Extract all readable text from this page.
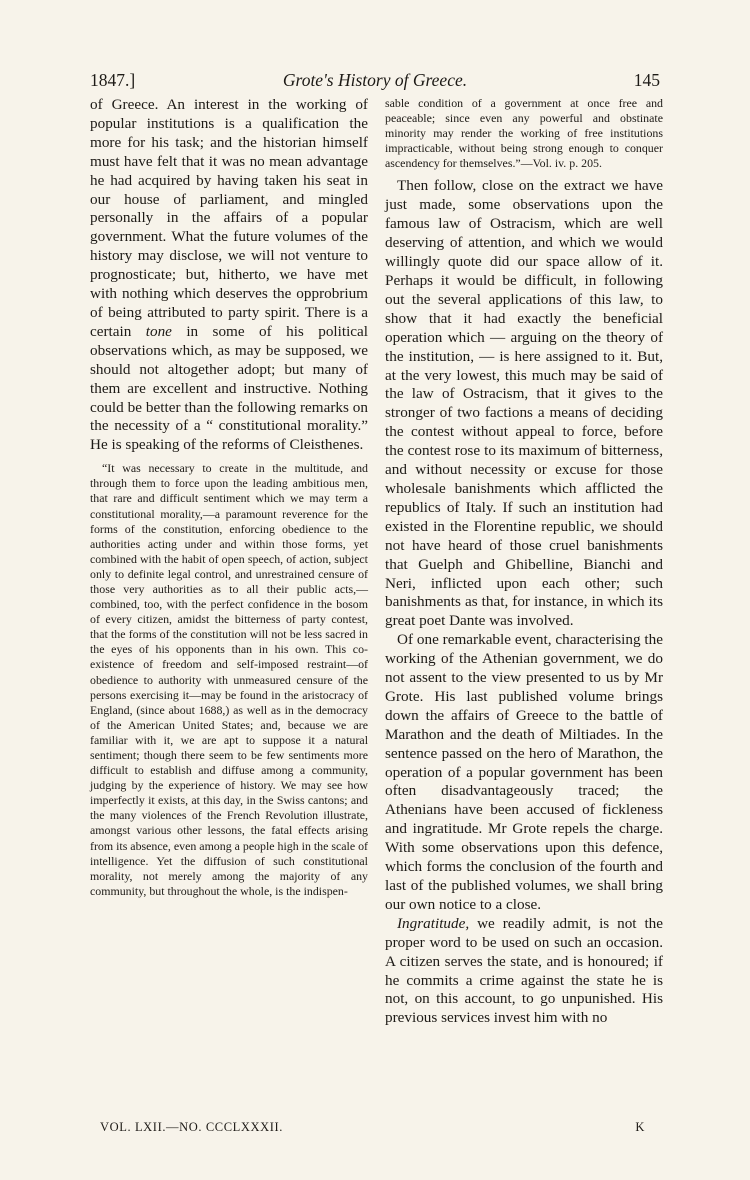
1847.]	Grote's History of Greece.	145

of Greece. An interest in the working of popular institutions is a qualification the more for his task; and the historian himself must have felt that it was no mean advantage he had acquired by having taken his seat in our house of parliament, and mingled personally in the affairs of a popular government. What the future volumes of the history may disclose, we will not venture to prognosticate; but, hitherto, we have met with nothing which deserves the opprobrium of being attributed to party spirit. There is a certain tone in some of his political observations which, as may be supposed, we should not altogether adopt; but many of them are excellent and instructive. Nothing could be better than the following remarks on the necessity of a “ constitutional morality.” He is speaking of the reforms of Cleisthenes.

“It was necessary to create in the multitude, and through them to force upon the leading ambitious men, that rare and difficult sentiment which we may term a constitutional morality,—a paramount reverence for the forms of the constitution, enforcing obedience to the authorities acting under and within those forms, yet combined with the habit of open speech, of action, subject only to definite legal control, and unrestrained censure of those very authorities as to all their public acts,—combined, too, with the perfect confidence in the bosom of every citizen, amidst the bitterness of party contest, that the forms of the constitution will not be less sacred in the eyes of his opponents than in his own. This co-existence of freedom and self-imposed restraint—of obedience to authority with unmeasured censure of the persons exercising it—may be found in the aristocracy of England, (since about 1688,) as well as in the democracy of the American United States; and, because we are familiar with it, we are apt to suppose it a natural sentiment; though there seem to be few sentiments more difficult to establish and diffuse among a community, judging by the experience of history. We may see how imperfectly it exists, at this day, in the Swiss cantons; and the many violences of the French Revolution illustrate, amongst various other lessons, the fatal effects arising from its absence, even among a people high in the scale of intelligence. Yet the diffusion of such constitutional morality, not merely among the majority of any community, but throughout the whole, is the indispen-

sable condition of a government at once free and peaceable; since even any powerful and obstinate minority may render the working of free institutions impracticable, without being strong enough to conquer ascendency for themselves.”—Vol. iv. p. 205.

Then follow, close on the extract we have just made, some observations upon the famous law of Ostracism, which are well deserving of attention, and which we would willingly quote did our space allow of it. Perhaps it would be difficult, in following out the several applications of this law, to show that it had exactly the beneficial operation which — arguing on the theory of the institution, — is here assigned to it. But, at the very lowest, this much may be said of the law of Ostracism, that it gives to the stronger of two factions a means of deciding the contest without appeal to force, before the contest rose to its maximum of bitterness, and without necessity or excuse for those wholesale banishments which afflicted the republics of Italy. If such an institution had existed in the Florentine republic, we should not have heard of those cruel banishments that Guelph and Ghibelline, Bianchi and Neri, inflicted upon each other; such banishments as that, for instance, in which its great poet Dante was involved.

Of one remarkable event, characterising the working of the Athenian government, we do not assent to the view presented to us by Mr Grote. His last published volume brings down the affairs of Greece to the battle of Marathon and the death of Miltiades. In the sentence passed on the hero of Marathon, the operation of a popular government has been often disadvantageously traced; the Athenians have been accused of fickleness and ingratitude. Mr Grote repels the charge. With some observations upon this defence, which forms the conclusion of the fourth and last of the published volumes, we shall bring our own notice to a close.

Ingratitude, we readily admit, is not the proper word to be used on such an occasion. A citizen serves the state, and is honoured; if he commits a crime against the state he is not, on this account, to go unpunished. His previous services invest him with no

VOL. LXII.—NO. CCCLXXXII.	K
